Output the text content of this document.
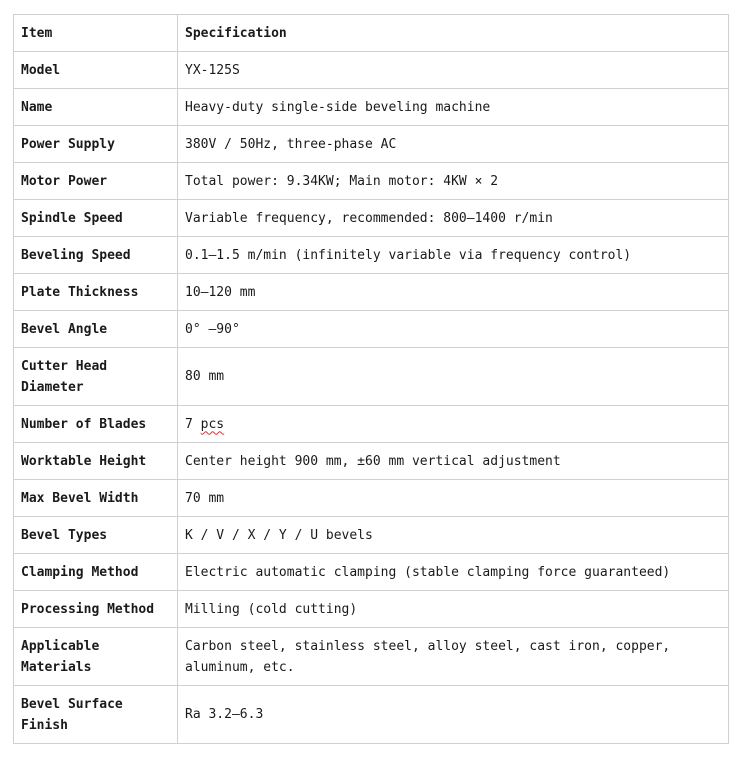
Item	Specification
Model	YX-125S
Name	Heavy-duty single-side beveling machine
Power Supply	380V / 50Hz, three-phase AC
Motor Power	Total power: 9.34KW; Main motor: 4KW × 2
Spindle Speed	Variable frequency, recommended: 800–1400 r/min
Beveling Speed	0.1–1.5 m/min (infinitely variable via frequency control)
Plate Thickness	10–120 mm
Bevel Angle	0° –90°
Cutter Head Diameter	80 mm
Number of Blades	7 pcs
Worktable Height	Center height 900 mm, ±60 mm vertical adjustment
Max Bevel Width	70 mm
Bevel Types	K / V / X / Y / U bevels
Clamping Method	Electric automatic clamping (stable clamping force guaranteed)
Processing Method	Milling (cold cutting)
Applicable Materials	Carbon steel, stainless steel, alloy steel, cast iron, copper, aluminum, etc.
Bevel Surface Finish	Ra 3.2–6.3
